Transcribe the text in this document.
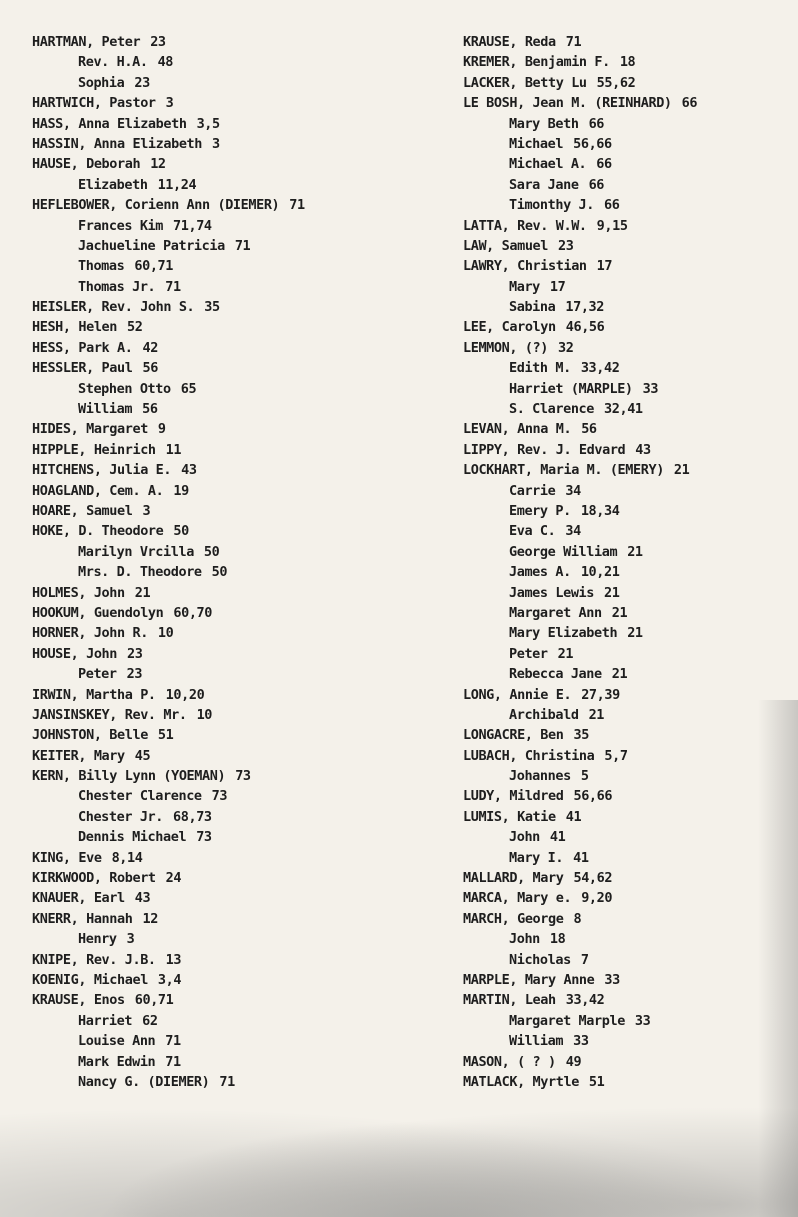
HARTMAN, Peter 23
Rev. H.A. 48
Sophia 23
HARTWICH, Pastor 3
HASS, Anna Elizabeth 3,5
HASSIN, Anna Elizabeth 3
HAUSE, Deborah 12
Elizabeth 11,24
HEFLEBOWER, Corienn Ann (DIEMER) 71
Frances Kim 71,74
Jachueline Patricia 71
Thomas 60,71
Thomas Jr. 71
HEISLER, Rev. John S. 35
HESH, Helen 52
HESS, Park A. 42
HESSLER, Paul 56
Stephen Otto 65
William 56
HIDES, Margaret 9
HIPPLE, Heinrich 11
HITCHENS, Julia E. 43
HOAGLAND, Cem. A. 19
HOARE, Samuel 3
HOKE, D. Theodore 50
Marilyn Vrcilla 50
Mrs. D. Theodore 50
HOLMES, John 21
HOOKUM, Guendolyn 60,70
HORNER, John R. 10
HOUSE, John 23
Peter 23
IRWIN, Martha P. 10,20
JANSINSKEY, Rev. Mr. 10
JOHNSTON, Belle 51
KEITER, Mary 45
KERN, Billy Lynn (YOEMAN) 73
Chester Clarence 73
Chester Jr. 68,73
Dennis Michael 73
KING, Eve 8,14
KIRKWOOD, Robert 24
KNAUER, Earl 43
KNERR, Hannah 12
Henry 3
KNIPE, Rev. J.B. 13
KOENIG, Michael 3,4
KRAUSE, Enos 60,71
Harriet 62
Louise Ann 71
Mark Edwin 71
Nancy G. (DIEMER) 71
KRAUSE, Reda 71
KREMER, Benjamin F. 18
LACKER, Betty Lu 55,62
LE BOSH, Jean M. (REINHARD) 66
Mary Beth 66
Michael 56,66
Michael A. 66
Sara Jane 66
Timonthy J. 66
LATTA, Rev. W.W. 9,15
LAW, Samuel 23
LAWRY, Christian 17
Mary 17
Sabina 17,32
LEE, Carolyn 46,56
LEMMON, (?) 32
Edith M. 33,42
Harriet (MARPLE) 33
S. Clarence 32,41
LEVAN, Anna M. 56
LIPPY, Rev. J. Edvard 43
LOCKHART, Maria M. (EMERY) 21
Carrie 34
Emery P. 18,34
Eva C. 34
George William 21
James A. 10,21
James Lewis 21
Margaret Ann 21
Mary Elizabeth 21
Peter 21
Rebecca Jane 21
LONG, Annie E. 27,39
Archibald 21
LONGACRE, Ben 35
LUBACH, Christina 5,7
Johannes 5
LUDY, Mildred 56,66
LUMIS, Katie 41
John 41
Mary I. 41
MALLARD, Mary 54,62
MARCA, Mary e. 9,20
MARCH, George 8
John 18
Nicholas 7
MARPLE, Mary Anne 33
MARTIN, Leah 33,42
Margaret Marple 33
William 33
MASON, ( ? ) 49
MATLACK, Myrtle 51
